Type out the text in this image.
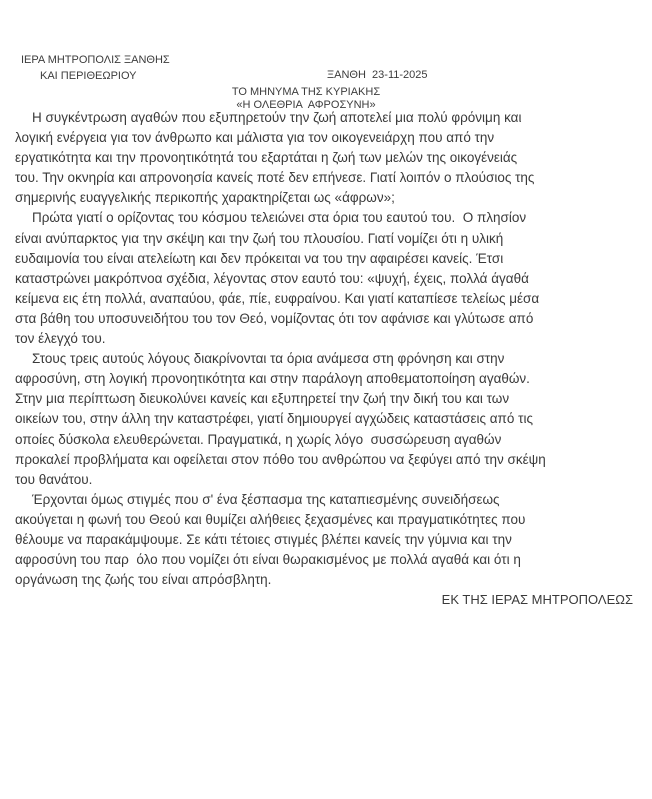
ΙΕΡΑ ΜΗΤΡΟΠΟΛΙΣ ΞΑΝΘΗΣ
ΚΑΙ ΠΕΡΙΘΕΩΡΙΟΥ	ΞΑΝΘΗ  23-11-2025
ΤΟ ΜΗΝΥΜΑ ΤΗΣ ΚΥΡΙΑΚΗΣ
«Η ΟΛΕΘΡΙΑ  ΑΦΡΟΣΥΝΗ»
Η συγκέντρωση αγαθών που εξυπηρετούν την ζωή αποτελεί μια πολύ φρόνιμη και
λογική ενέργεια για τον άνθρωπο και μάλιστα για τον οικογενειάρχη που από την
εργατικότητα και την προνοητικότητά του εξαρτάται η ζωή των μελών της οικογένειάς
του. Την οκνηρία και απρονοησία κανείς ποτέ δεν επήνεσε. Γιατί λοιπόν ο πλούσιος της
σημερινής ευαγγελικής περικοπής χαρακτηρίζεται ως «άφρων»;
Πρώτα γιατί ο ορίζοντας του κόσμου τελειώνει στα όρια του εαυτού του.  Ο πλησίον
είναι ανύπαρκτος για την σκέψη και την ζωή του πλουσίου. Γιατί νομίζει ότι η υλική
ευδαιμονία του είναι ατελείωτη και δεν πρόκειται να του την αφαιρέσει κανείς. Έτσι
καταστρώνει μακρόπνοα σχέδια, λέγοντας στον εαυτό του: «ψυχή, έχεις, πολλά άγαθά
κείμενα εις έτη πολλά, αναπαύου, φάε, πίε, ευφραίνου. Και γιατί καταπίεσε τελείως μέσα
στα βάθη του υποσυνειδήτου του τον Θεό, νομίζοντας ότι τον αφάνισε και γλύτωσε από
τον έλεγχό του.
Στους τρεις αυτούς λόγους διακρίνονται τα όρια ανάμεσα στη φρόνηση και στην
αφροσύνη, στη λογική προνοητικότητα και στην παράλογη αποθεματοποίηση αγαθών.
Στην μια περίπτωση διευκολύνει κανείς και εξυπηρετεί την ζωή την δική του και των
οικείων του, στην άλλη την καταστρέφει, γιατί δημιουργεί αγχώδεις καταστάσεις από τις
οποίες δύσκολα ελευθερώνεται. Πραγματικά, η χωρίς λόγο  συσσώρευση αγαθών
προκαλεί προβλήματα και οφείλεται στον πόθο του ανθρώπου να ξεφύγει από την σκέψη
του θανάτου.
Έρχονται όμως στιγμές που σ' ένα ξέσπασμα της καταπιεσμένης συνειδήσεως
ακούγεται η φωνή του Θεού και θυμίζει αλήθειες ξεχασμένες και πραγματικότητες που
θέλουμε να παρακάμψουμε. Σε κάτι τέτοιες στιγμές βλέπει κανείς την γύμνια και την
αφροσύνη του παρ  όλο που νομίζει ότι είναι θωρακισμένος με πολλά αγαθά και ότι η
οργάνωση της ζωής του είναι απρόσβλητη.
ΕΚ ΤΗΣ ΙΕΡΑΣ ΜΗΤΡΟΠΟΛΕΩΣ
